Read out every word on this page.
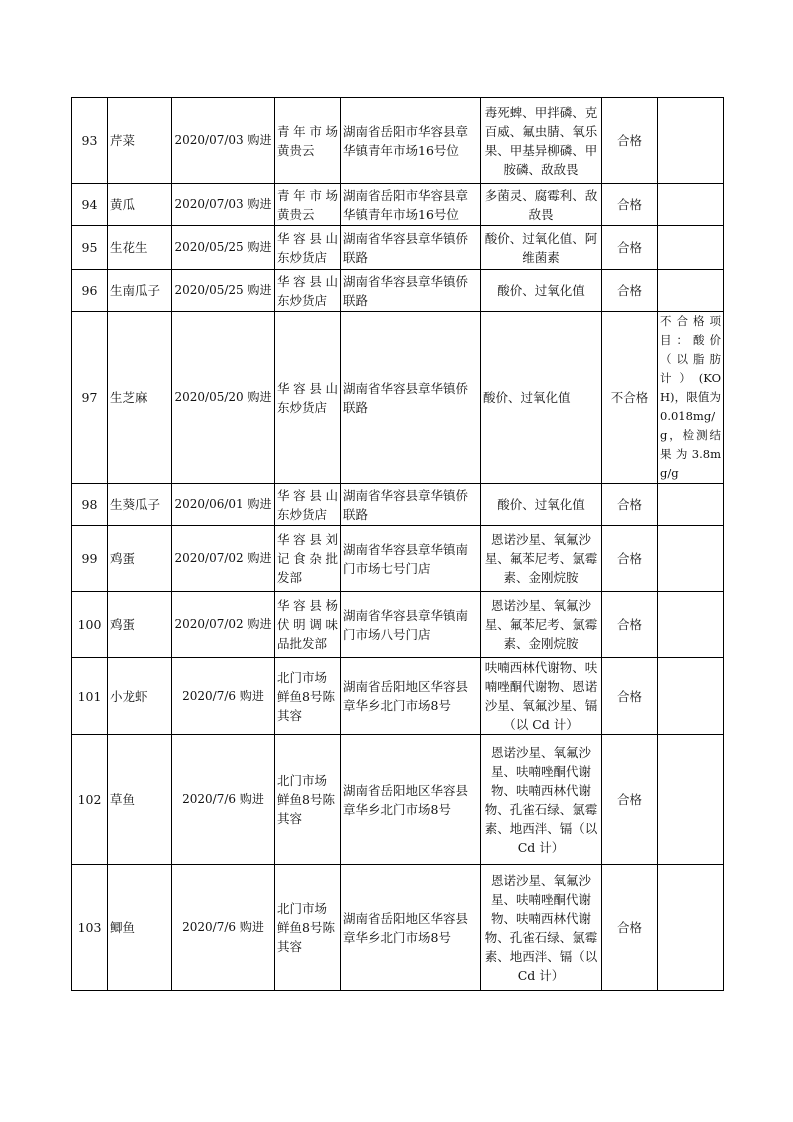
93	芹菜	2020/07/03 购进	青年市场黄贵云	湖南省岳阳市华容县章华镇青年市场16号位	毒死蜱、甲拌磷、克百威、氟虫腈、氧乐果、甲基异柳磷、甲胺磷、敌敌畏	合格	
94	黄瓜	2020/07/03 购进	青年市场黄贵云	湖南省岳阳市华容县章华镇青年市场16号位	多菌灵、腐霉利、敌敌畏	合格	
95	生花生	2020/05/25 购进	华容县山东炒货店	湖南省华容县章华镇侨联路	酸价、过氧化值、阿维菌素	合格	
96	生南瓜子	2020/05/25 购进	华容县山东炒货店	湖南省华容县章华镇侨联路	酸价、过氧化值	合格	
97	生芝麻	2020/05/20 购进	华容县山东炒货店	湖南省华容县章华镇侨联路	酸价、过氧化值	不合格	不合格项目：酸价（以脂肪计）(KOH)，限值为0.018mg/g，检测结果为3.8mg/g
98	生葵瓜子	2020/06/01 购进	华容县山东炒货店	湖南省华容县章华镇侨联路	酸价、过氧化值	合格	
99	鸡蛋	2020/07/02 购进	华容县刘记食杂批发部	湖南省华容县章华镇南门市场七号门店	恩诺沙星、氧氟沙星、氟苯尼考、氯霉素、金刚烷胺	合格	
100	鸡蛋	2020/07/02 购进	华容县杨伏明调味品批发部	湖南省华容县章华镇南门市场八号门店	恩诺沙星、氧氟沙星、氟苯尼考、氯霉素、金刚烷胺	合格	
101	小龙虾	2020/7/6 购进	北门市场鲜鱼8号陈其容	湖南省岳阳地区华容县章华乡北门市场8号	呋喃西林代谢物、呋喃唑酮代谢物、恩诺沙星、氧氟沙星、镉（以 Cd 计）	合格	
102	草鱼	2020/7/6 购进	北门市场鲜鱼8号陈其容	湖南省岳阳地区华容县章华乡北门市场8号	恩诺沙星、氧氟沙星、呋喃唑酮代谢物、呋喃西林代谢物、孔雀石绿、氯霉素、地西泮、镉（以 Cd 计）	合格	
103	鲫鱼	2020/7/6 购进	北门市场鲜鱼8号陈其容	湖南省岳阳地区华容县章华乡北门市场8号	恩诺沙星、氧氟沙星、呋喃唑酮代谢物、呋喃西林代谢物、孔雀石绿、氯霉素、地西泮、镉（以 Cd 计）	合格	
